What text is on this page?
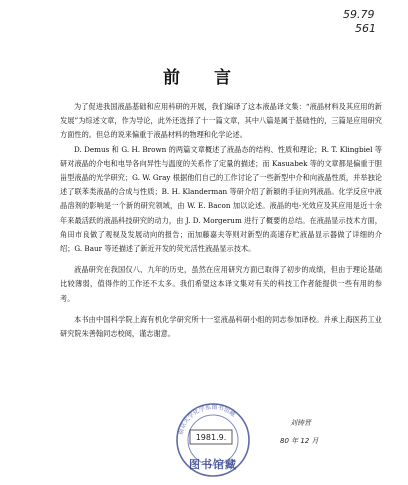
59.79
561
前 言

为了促进我国液晶基础和应用科研的开展，我们编译了这本液晶译文集：“液晶材料及其应用的新发展”为综述文章，作为导论，此外还选择了十一篇文章，其中八篇是属于基础性的，三篇是应用研究方面性的。但总的说来偏重于液晶材料的物理和化学论述。

D. Demus 和 G. H. Brown 的两篇文章概述了液晶态的结构、性质和理论；R. T. Klingbiel 等研对液晶的介电和电导各向异性与温度的关系作了定量的描述；而 Kasuabek 等的文章都是偏重于胆甾型液晶的光学研究；G. W. Gray 根据他们自己的工作讨论了一些新型中介和向液晶性质，并举独论述了联苯类液晶的合成与性质；B. H. Klanderman 等研介绍了新颖的手征向列液晶。化学反应中液晶溶剂的影响是一个新的研究领域，由 W. E. Bacon 加以论述。液晶的电-光效应及其应用是近十余年来最活跃的液晶科技研究的动力，由 J. D. Morgerum 进行了概要的总结。在液晶显示技术方面，角田市良做了观视及发展动向的报告；而加藤嘉夫等则对新型的高速存贮液晶显示器做了详细的介绍；G. Baur 等还描述了新近开发的荧光活性液晶显示技术。

液晶研究在我国仅八、九年的历史，虽然在应用研究方面已取得了初步的成绩，但由于理论基础比较薄弱，值得作的工作还不太多。我们希望这本译文集对有关的科技工作者能提供一些有用的参考。

本书由中国科学院上海有机化学研究所十一室液晶科研小组的同志参加译校。并承上海医药工业研究院朱善翰同志校阅，谨志谢意。

刘铸晋
80 年 12 月
南京大学化学系图书馆藏
1981.9.
图书馆藏
